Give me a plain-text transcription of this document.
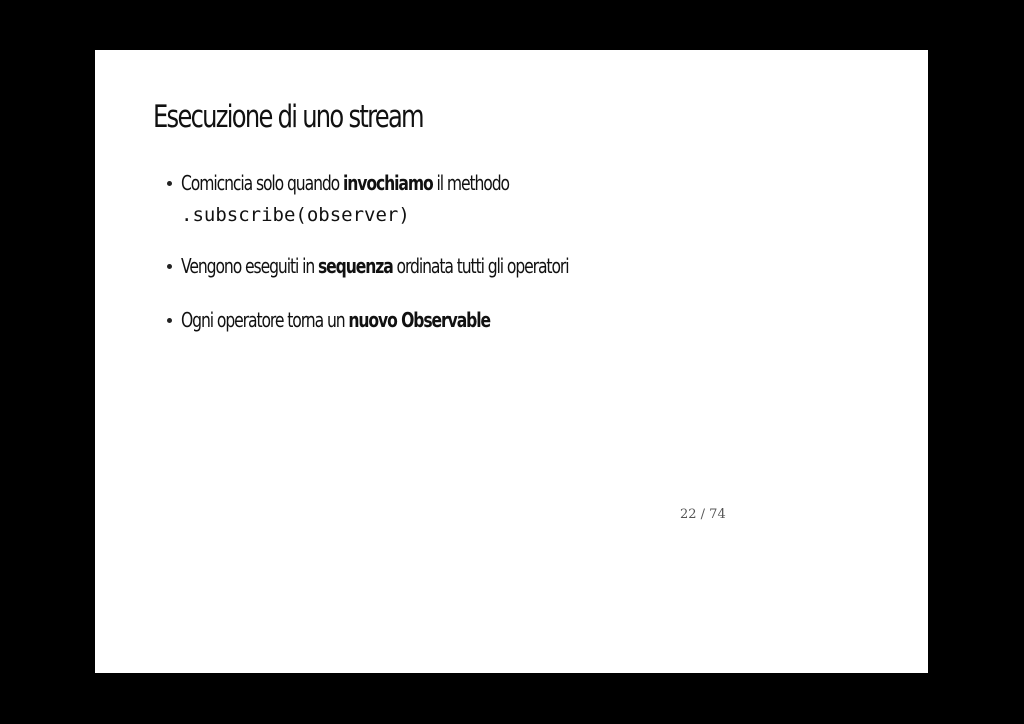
Esecuzione di uno stream
Comicncia solo quando invochiamo il methodo
.subscribe(observer)
Vengono eseguiti in sequenza ordinata tutti gli operatori
Ogni operatore torna un nuovo Observable
22 / 74
